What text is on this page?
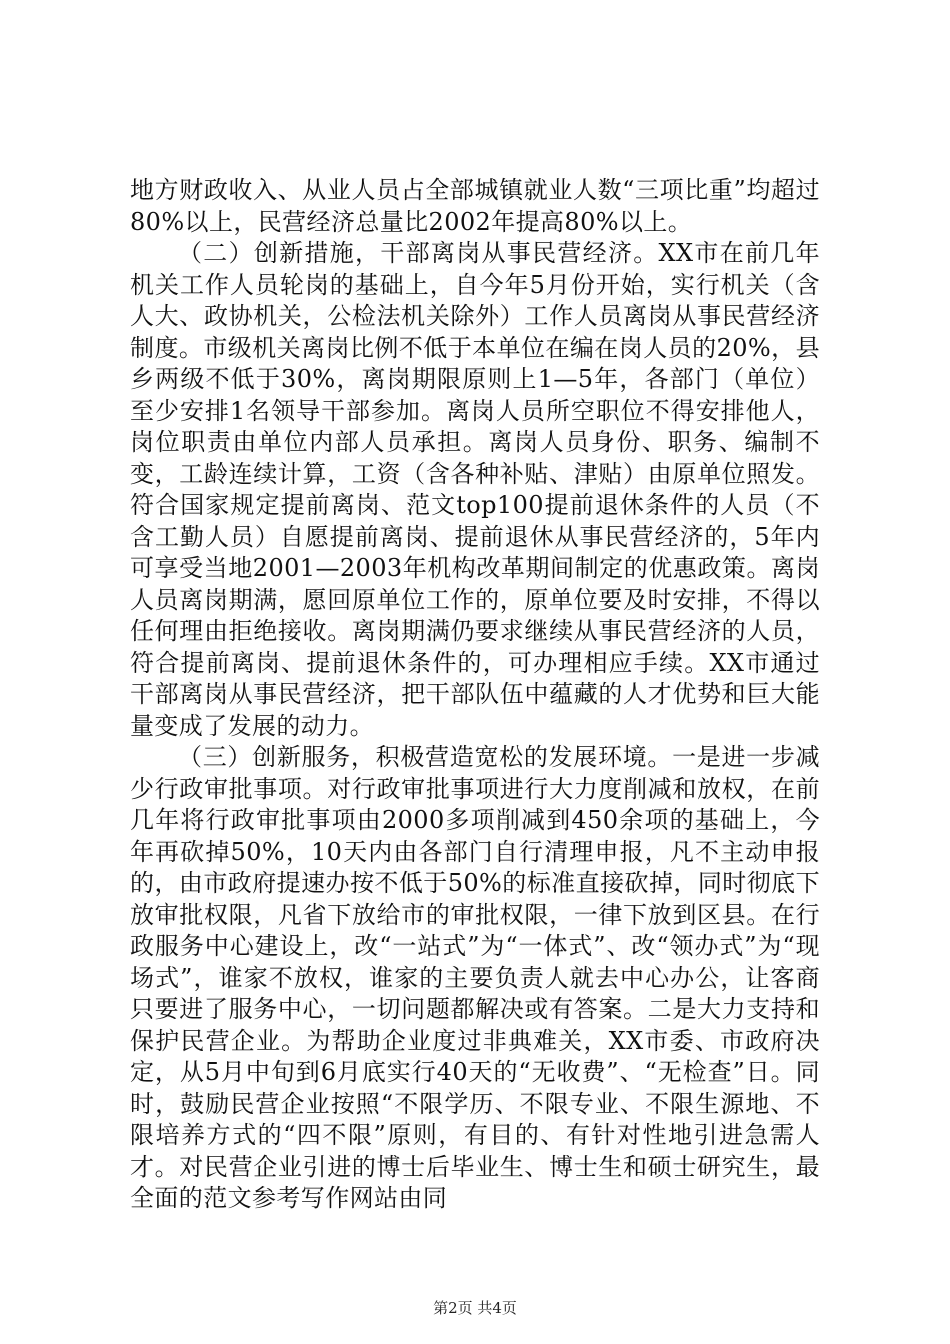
地方财政收入、从业人员占全部城镇就业人数“三项比重”均超过80%以上，民营经济总量比2002年提高80%以上。

（二）创新措施，干部离岗从事民营经济。XX市在前几年机关工作人员轮岗的基础上，自今年5月份开始，实行机关（含人大、政协机关，公检法机关除外）工作人员离岗从事民营经济制度。市级机关离岗比例不低于本单位在编在岗人员的20%，县乡两级不低于30%，离岗期限原则上1—5年，各部门（单位）至少安排1名领导干部参加。离岗人员所空职位不得安排他人，岗位职责由单位内部人员承担。离岗人员身份、职务、编制不变，工龄连续计算，工资（含各种补贴、津贴）由原单位照发。符合国家规定提前离岗、范文top100提前退休条件的人员（不含工勤人员）自愿提前离岗、提前退休从事民营经济的，5年内可享受当地2001—2003年机构改革期间制定的优惠政策。离岗人员离岗期满，愿回原单位工作的，原单位要及时安排，不得以任何理由拒绝接收。离岗期满仍要求继续从事民营经济的人员，符合提前离岗、提前退休条件的，可办理相应手续。XX市通过干部离岗从事民营经济，把干部队伍中蕴藏的人才优势和巨大能量变成了发展的动力。

（三）创新服务，积极营造宽松的发展环境。一是进一步减少行政审批事项。对行政审批事项进行大力度削减和放权，在前几年将行政审批事项由2000多项削减到450余项的基础上，今年再砍掉50%，10天内由各部门自行清理申报，凡不主动申报的，由市政府提速办按不低于50%的标准直接砍掉，同时彻底下放审批权限，凡省下放给市的审批权限，一律下放到区县。在行政服务中心建设上，改“一站式”为“一体式”、改“领办式”为“现场式”，谁家不放权，谁家的主要负责人就去中心办公，让客商只要进了服务中心，一切问题都解决或有答案。二是大力支持和保护民营企业。为帮助企业度过非典难关，XX市委、市政府决定，从5月中旬到6月底实行40天的“无收费”、“无检查”日。同时，鼓励民营企业按照“不限学历、不限专业、不限生源地、不限培养方式的“四不限”原则，有目的、有针对性地引进急需人才。对民营企业引进的博士后毕业生、博士生和硕士研究生，最全面的范文参考写作网站由同

第2页 共4页
